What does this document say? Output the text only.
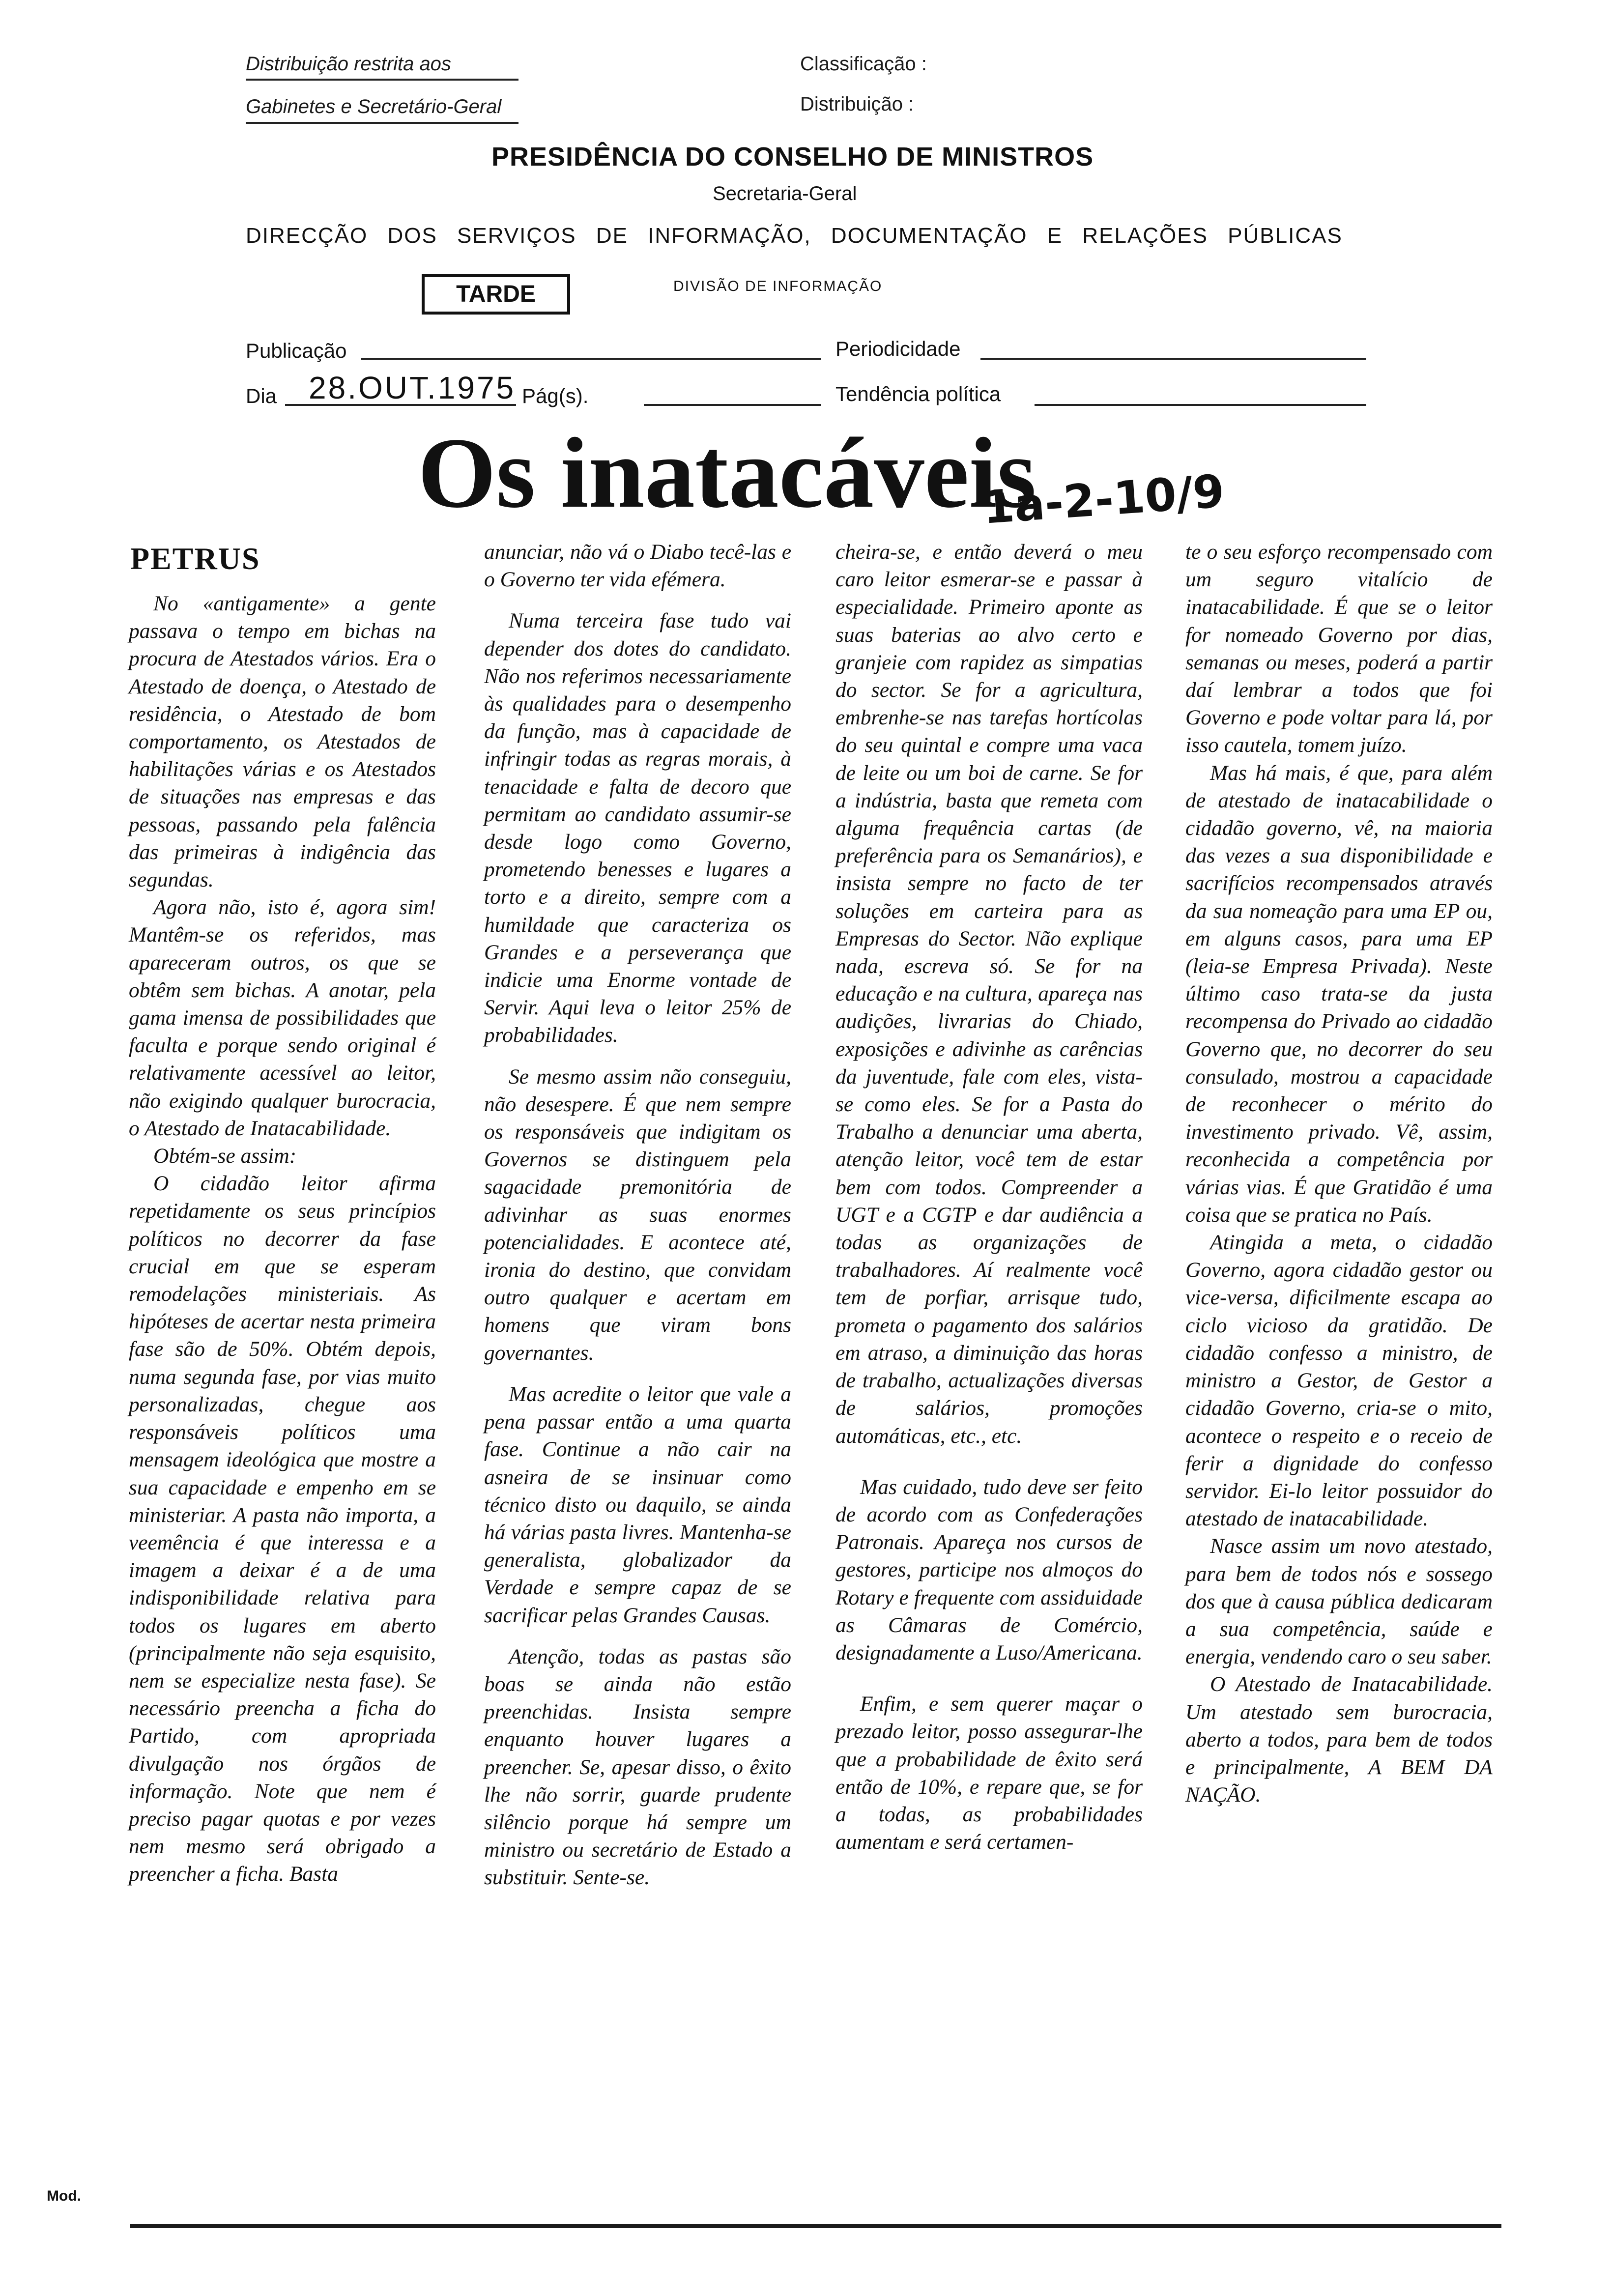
Distribuição restrita aos
Gabinetes e Secretário-Geral
Classificação :
Distribuição :
PRESIDÊNCIA DO CONSELHO DE MINISTROS
Secretaria-Geral
DIRECÇÃO DOS SERVIÇOS DE INFORMAÇÃO, DOCUMENTAÇÃO E RELAÇÕES PÚBLICAS
TARDE	DIVISÃO DE INFORMAÇÃO
Publicação	Periodicidade
Dia 28.OUT.1975 Pág(s).	Tendência política
Os inatacáveis
1a-2-10/9
PETRUS

No «antigamente» a gente passava o tempo em bichas na procura de Atestados vários. Era o Atestado de doença, o Atestado de residência, o Atestado de bom comportamento, os Atestados de habilitações várias e os Atestados de situações nas empresas e das pessoas, passando pela falência das primeiras à indigência das segundas.

Agora não, isto é, agora sim! Mantêm-se os referidos, mas apareceram outros, os que se obtêm sem bichas. A anotar, pela gama imensa de possibilidades que faculta e porque sendo original é relativamente acessível ao leitor, não exigindo qualquer burocracia, o Atestado de Inatacabilidade.

Obtém-se assim:

O cidadão leitor afirma repetidamente os seus princípios políticos no decorrer da fase crucial em que se esperam remodelações ministeriais. As hipóteses de acertar nesta primeira fase são de 50%. Obtém depois, numa segunda fase, por vias muito personalizadas, chegue aos responsáveis políticos uma mensagem ideológica que mostre a sua capacidade e empenho em se ministeriar. A pasta não importa, a veemência é que interessa e a imagem a deixar é a de uma indisponibilidade relativa para todos os lugares em aberto (principalmente não seja esquisito, nem se especialize nesta fase). Se necessário preencha a ficha do Partido, com apropriada divulgação nos órgãos de informação. Note que nem é preciso pagar quotas e por vezes nem mesmo será obrigado a preencher a ficha. Basta

anunciar, não vá o Diabo tecê-las e o Governo ter vida efémera.

Numa terceira fase tudo vai depender dos dotes do candidato. Não nos referimos necessariamente às qualidades para o desempenho da função, mas à capacidade de infringir todas as regras morais, à tenacidade e falta de decoro que permitam ao candidato assumir-se desde logo como Governo, prometendo benesses e lugares a torto e a direito, sempre com a humildade que caracteriza os Grandes e a perseverança que indicie uma Enorme vontade de Servir. Aqui leva o leitor 25% de probabilidades.

Se mesmo assim não conseguiu, não desespere. É que nem sempre os responsáveis que indigitam os Governos se distinguem pela sagacidade premonitória de adivinhar as suas enormes potencialidades. E acontece até, ironia do destino, que convidam outro qualquer e acertam em homens que viram bons governantes.

Mas acredite o leitor que vale a pena passar então a uma quarta fase. Continue a não cair na asneira de se insinuar como técnico disto ou daquilo, se ainda há várias pasta livres. Mantenha-se generalista, globalizador da Verdade e sempre capaz de se sacrificar pelas Grandes Causas.

Atenção, todas as pastas são boas se ainda não estão preenchidas. Insista sempre enquanto houver lugares a preencher. Se, apesar disso, o êxito lhe não sorrir, guarde prudente silêncio porque há sempre um ministro ou secretário de Estado a substituir. Sente-se.

cheira-se, e então deverá o meu caro leitor esmerar-se e passar à especialidade. Primeiro aponte as suas baterias ao alvo certo e granjeie com rapidez as simpatias do sector. Se for a agricultura, embrenhe-se nas tarefas hortícolas do seu quintal e compre uma vaca de leite ou um boi de carne. Se for a indústria, basta que remeta com alguma frequência cartas (de preferência para os Semanários), e insista sempre no facto de ter soluções em carteira para as Empresas do Sector. Não explique nada, escreva só. Se for na educação e na cultura, apareça nas audições, livrarias do Chiado, exposições e adivinhe as carências da juventude, fale com eles, vista-se como eles. Se for a Pasta do Trabalho a denunciar uma aberta, atenção leitor, você tem de estar bem com todos. Compreender a UGT e a CGTP e dar audiência a todas as organizações de trabalhadores. Aí realmente você tem de porfiar, arrisque tudo, prometa o pagamento dos salários em atraso, a diminuição das horas de trabalho, actualizações diversas de salários, promoções automáticas, etc., etc.

Mas cuidado, tudo deve ser feito de acordo com as Confederações Patronais. Apareça nos cursos de gestores, participe nos almoços do Rotary e frequente com assiduidade as Câmaras de Comércio, designadamente a Luso/Americana.

Enfim, e sem querer maçar o prezado leitor, posso assegurar-lhe que a probabilidade de êxito será então de 10%, e repare que, se for a todas, as probabilidades aumentam e será certamen-

te o seu esforço recompensado com um seguro vitalício de inatacabilidade. É que se o leitor for nomeado Governo por dias, semanas ou meses, poderá a partir daí lembrar a todos que foi Governo e pode voltar para lá, por isso cautela, tomem juízo.

Mas há mais, é que, para além de atestado de inatacabilidade o cidadão governo, vê, na maioria das vezes a sua disponibilidade e sacrifícios recompensados através da sua nomeação para uma EP ou, em alguns casos, para uma EP (leia-se Empresa Privada). Neste último caso trata-se da justa recompensa do Privado ao cidadão Governo que, no decorrer do seu consulado, mostrou a capacidade de reconhecer o mérito do investimento privado. Vê, assim, reconhecida a competência por várias vias. É que Gratidão é uma coisa que se pratica no País.

Atingida a meta, o cidadão Governo, agora cidadão gestor ou vice-versa, dificilmente escapa ao ciclo vicioso da gratidão. De cidadão confesso a ministro, de ministro a Gestor, de Gestor a cidadão Governo, cria-se o mito, acontece o respeito e o receio de ferir a dignidade do confesso servidor. Ei-lo leitor possuidor do atestado de inatacabilidade.

Nasce assim um novo atestado, para bem de todos nós e sossego dos que à causa pública dedicaram a sua competência, saúde e energia, vendendo caro o seu saber.

O Atestado de Inatacabilidade. Um atestado sem burocracia, aberto a todos, para bem de todos e principalmente, A BEM DA NAÇÃO.

Mod.
